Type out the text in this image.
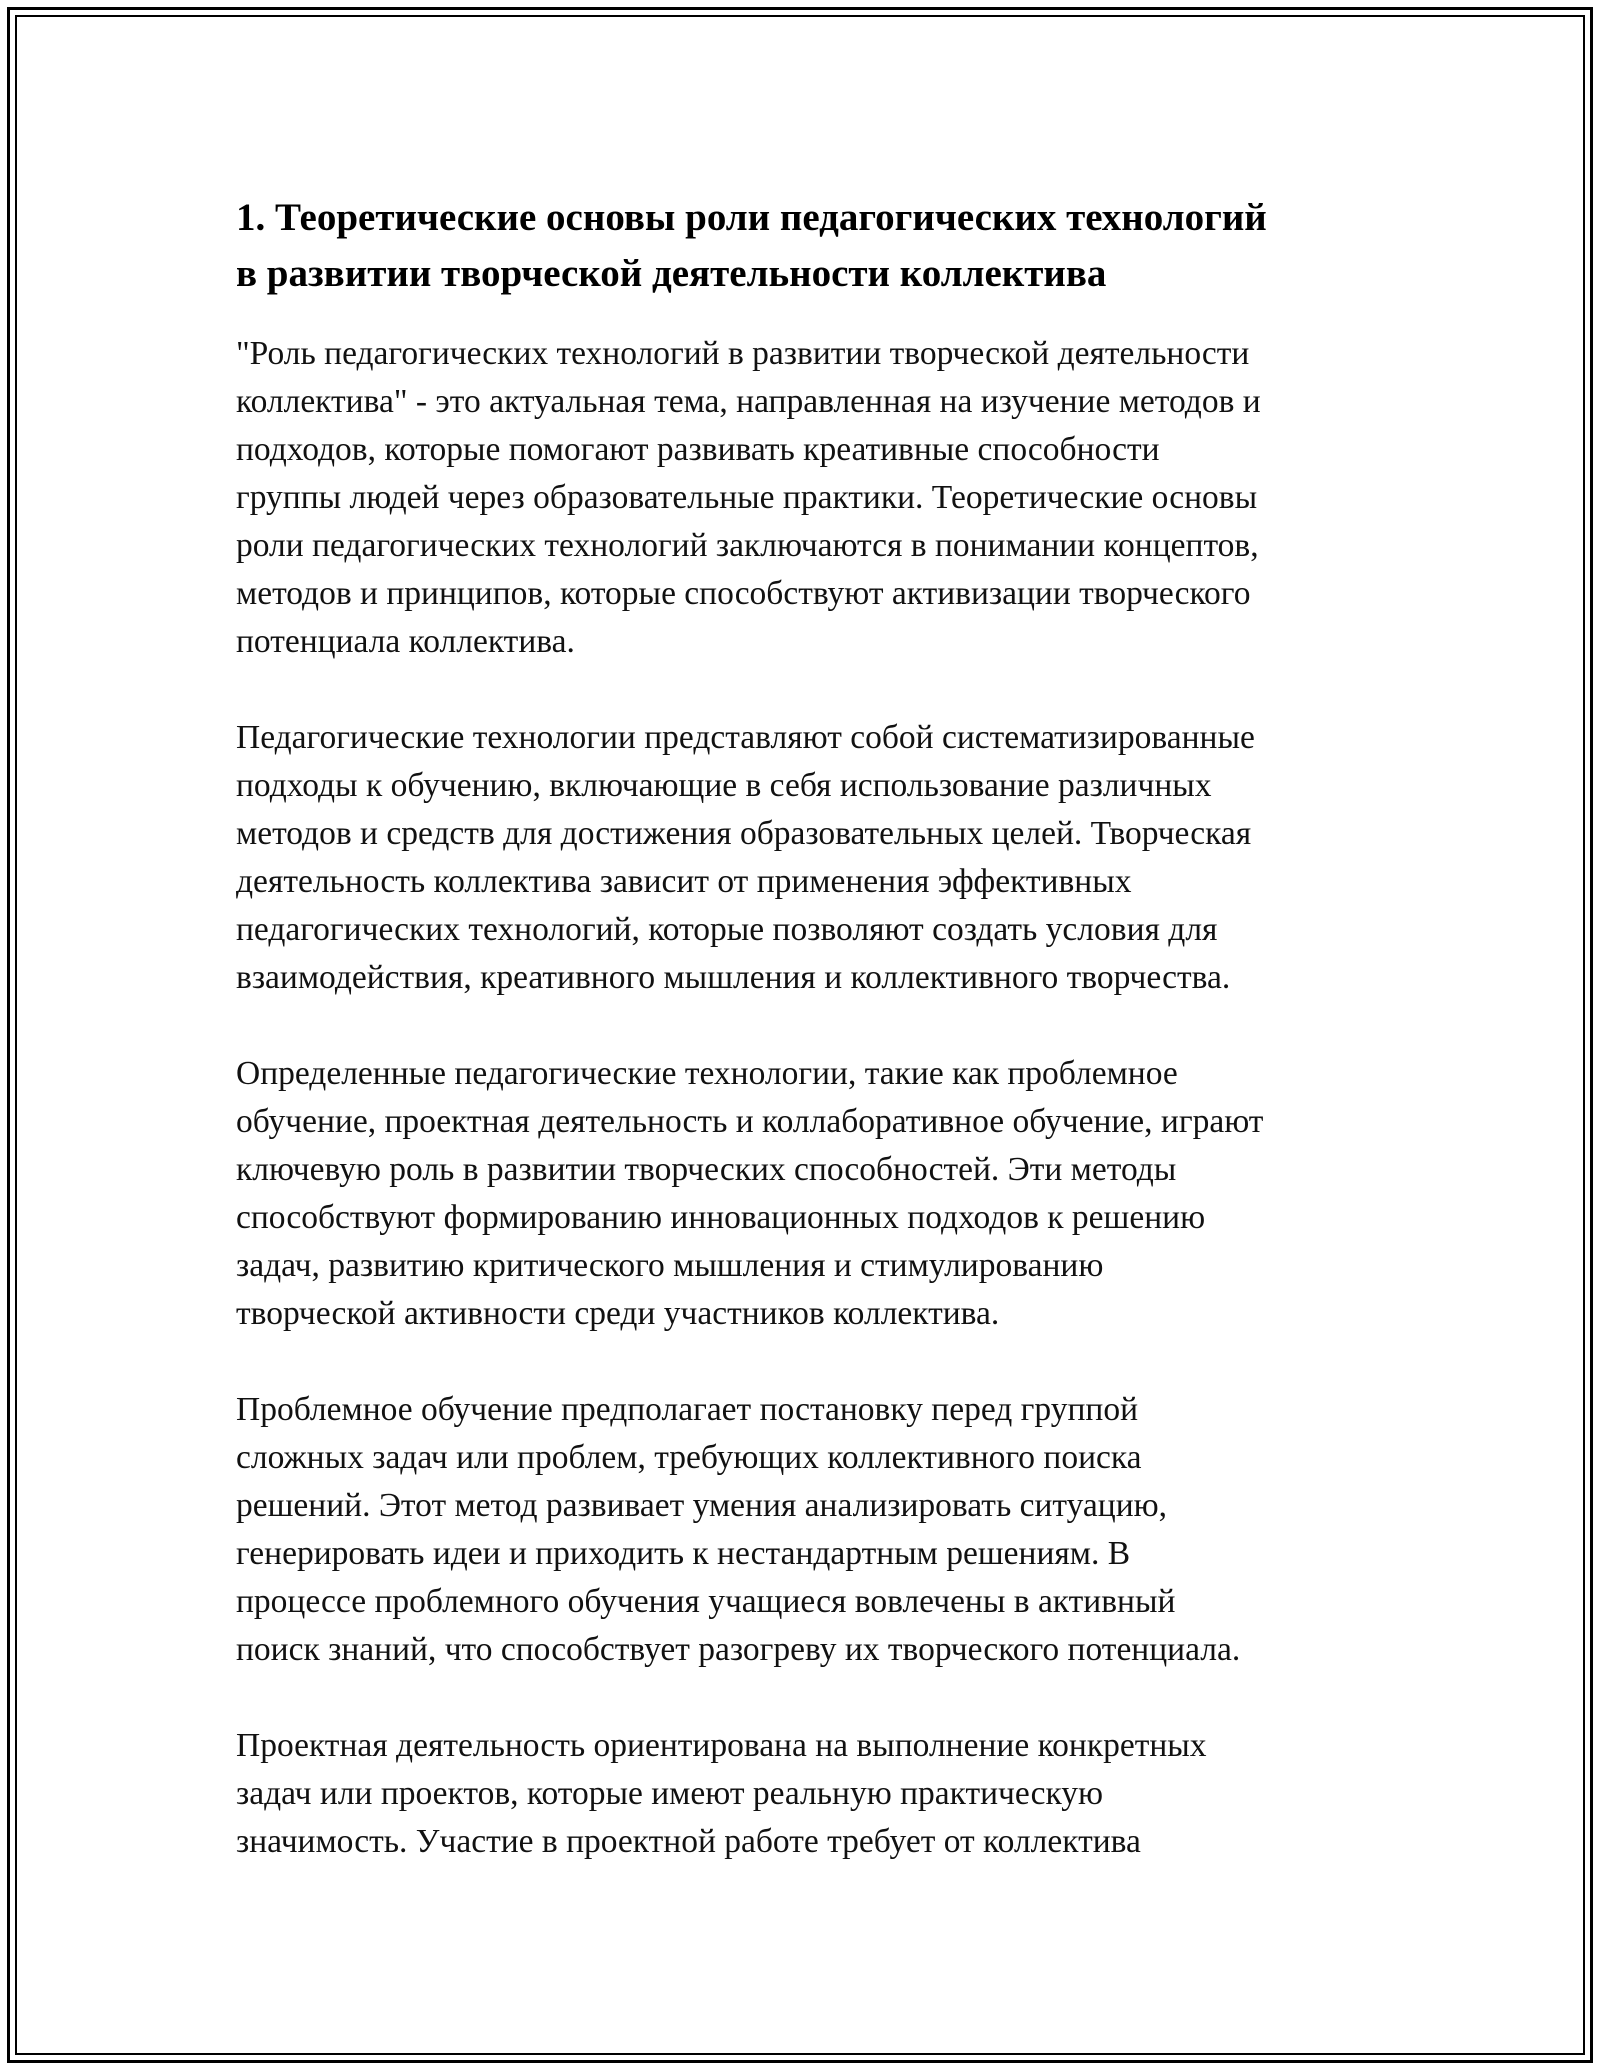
1. Теоретические основы роли педагогических технологий
в развитии творческой деятельности коллектива

"Роль педагогических технологий в развитии творческой деятельности
коллектива" - это актуальная тема, направленная на изучение методов и
подходов, которые помогают развивать креативные способности
группы людей через образовательные практики. Теоретические основы
роли педагогических технологий заключаются в понимании концептов,
методов и принципов, которые способствуют активизации творческого
потенциала коллектива.

Педагогические технологии представляют собой систематизированные
подходы к обучению, включающие в себя использование различных
методов и средств для достижения образовательных целей. Творческая
деятельность коллектива зависит от применения эффективных
педагогических технологий, которые позволяют создать условия для
взаимодействия, креативного мышления и коллективного творчества.

Определенные педагогические технологии, такие как проблемное
обучение, проектная деятельность и коллаборативное обучение, играют
ключевую роль в развитии творческих способностей. Эти методы
способствуют формированию инновационных подходов к решению
задач, развитию критического мышления и стимулированию
творческой активности среди участников коллектива.

Проблемное обучение предполагает постановку перед группой
сложных задач или проблем, требующих коллективного поиска
решений. Этот метод развивает умения анализировать ситуацию,
генерировать идеи и приходить к нестандартным решениям. В
процессе проблемного обучения учащиеся вовлечены в активный
поиск знаний, что способствует разогреву их творческого потенциала.

Проектная деятельность ориентирована на выполнение конкретных
задач или проектов, которые имеют реальную практическую
значимость. Участие в проектной работе требует от коллектива
